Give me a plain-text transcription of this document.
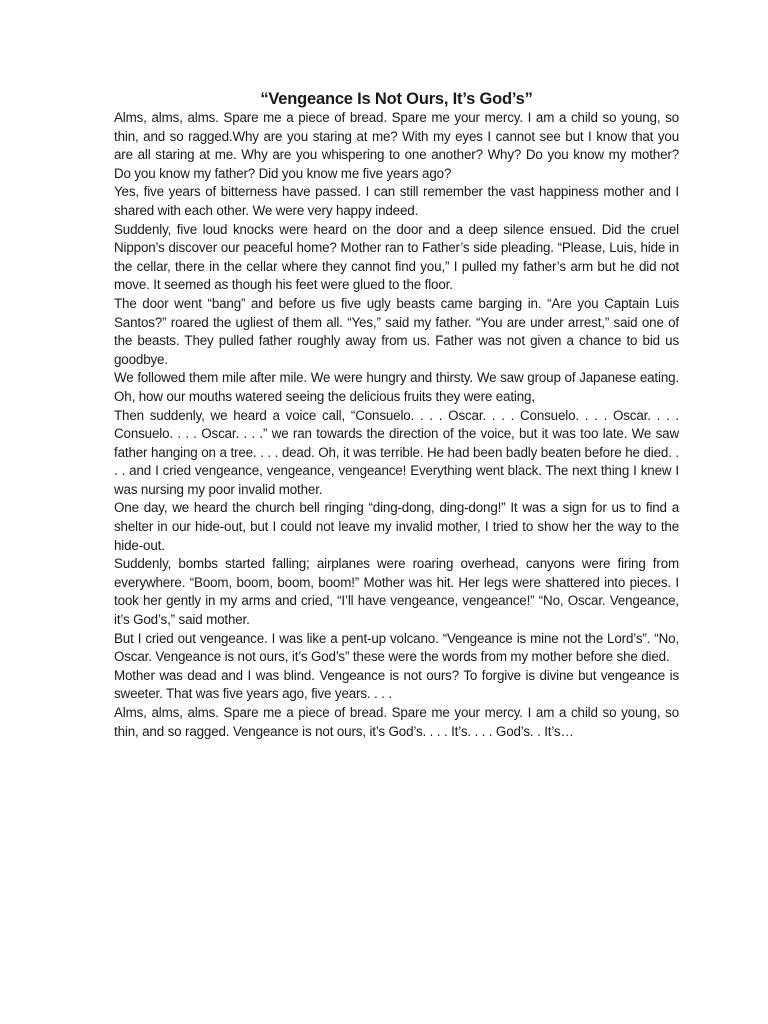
“Vengeance Is Not Ours, It’s God’s”

Alms, alms, alms. Spare me a piece of bread. Spare me your mercy. I am a child so young, so thin, and so ragged.Why are you staring at me? With my eyes I cannot see but I know that you are all staring at me. Why are you whispering to one another? Why? Do you know my mother? Do you know my father? Did you know me five years ago?

Yes, five years of bitterness have passed. I can still remember the vast happiness mother and I shared with each other. We were very happy indeed.

Suddenly, five loud knocks were heard on the door and a deep silence ensued. Did the cruel Nippon’s discover our peaceful home? Mother ran to Father’s side pleading. “Please, Luis, hide in the cellar, there in the cellar where they cannot find you,” I pulled my father’s arm but he did not move. It seemed as though his feet were glued to the floor.

The door went “bang” and before us five ugly beasts came barging in. “Are you Captain Luis Santos?” roared the ugliest of them all. “Yes,” said my father. “You are under arrest,” said one of the beasts. They pulled father roughly away from us. Father was not given a chance to bid us goodbye.

We followed them mile after mile. We were hungry and thirsty. We saw group of Japanese eating. Oh, how our mouths watered seeing the delicious fruits they were eating,

Then suddenly, we heard a voice call, “Consuelo. . . . Oscar. . . . Consuelo. . . . Oscar. . . . Consuelo. . . . Oscar. . . .” we ran towards the direction of the voice, but it was too late. We saw father hanging on a tree. . . . dead. Oh, it was terrible. He had been badly beaten before he died. . . . and I cried vengeance, vengeance, vengeance! Everything went black. The next thing I knew I was nursing my poor invalid mother.

One day, we heard the church bell ringing “ding-dong, ding-dong!” It was a sign for us to find a shelter in our hide-out, but I could not leave my invalid mother, I tried to show her the way to the hide-out.

Suddenly, bombs started falling; airplanes were roaring overhead, canyons were firing from everywhere. “Boom, boom, boom, boom!” Mother was hit. Her legs were shattered into pieces. I took her gently in my arms and cried, “I’ll have vengeance, vengeance!” “No, Oscar. Vengeance, it’s God’s,” said mother.

But I cried out vengeance. I was like a pent-up volcano. “Vengeance is mine not the Lord’s”. “No, Oscar. Vengeance is not ours, it’s God’s” these were the words from my mother before she died.

Mother was dead and I was blind. Vengeance is not ours? To forgive is divine but vengeance is sweeter. That was five years ago, five years. . . .

Alms, alms, alms. Spare me a piece of bread. Spare me your mercy. I am a child so young, so thin, and so ragged. Vengeance is not ours, it’s God’s. . . . It’s. . . . God’s. . It’s…
